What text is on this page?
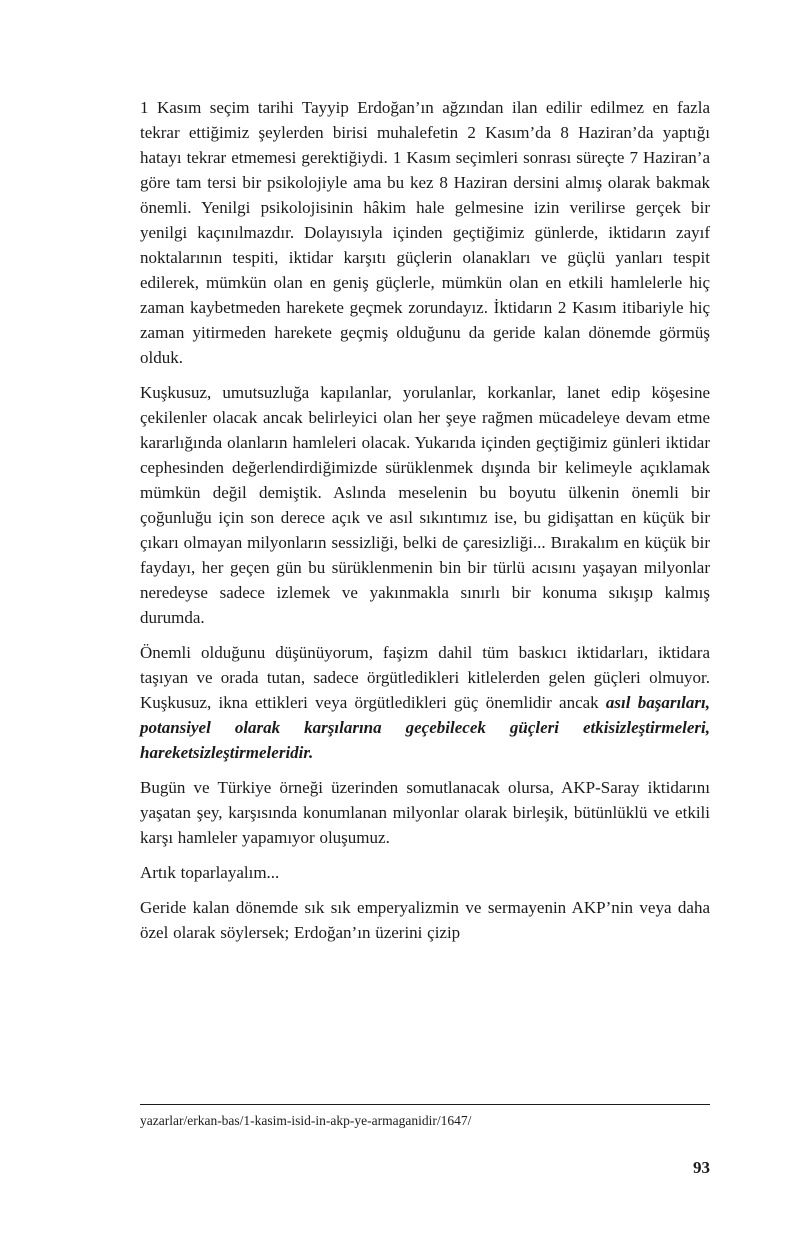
1 Kasım seçim tarihi Tayyip Erdoğan’ın ağzından ilan edilir edilmez en fazla tekrar ettiğimiz şeylerden birisi muhalefetin 2 Kasım’da 8 Haziran’da yaptığı hatayı tekrar etmemesi gerektiğiydi. 1 Kasım seçimleri sonrası süreçte 7 Haziran’a göre tam tersi bir psikolojiyle ama bu kez 8 Haziran dersini almış olarak bakmak önemli. Yenilgi psikolojisinin hâkim hale gelmesine izin verilirse gerçek bir yenilgi kaçınılmazdır. Dolayısıyla içinden geçtiğimiz günlerde, iktidarın zayıf noktalarının tespiti, iktidar karşıtı güçlerin olanakları ve güçlü yanları tespit edilerek, mümkün olan en geniş güçlerle, mümkün olan en etkili hamlelerle hiç zaman kaybetmeden harekete geçmek zorundayız. İktidarın 2 Kasım itibariyle hiç zaman yitirmeden harekete geçmiş olduğunu da geride kalan dönemde görmüş olduk.

Kuşkusuz, umutsuzluğa kapılanlar, yorulanlar, korkanlar, lanet edip köşesine çekilenler olacak ancak belirleyici olan her şeye rağmen mücadeleye devam etme kararlığında olanların hamleleri olacak. Yukarıda içinden geçtiğimiz günleri iktidar cephesinden değerlendirdiğimizde sürüklenmek dışında bir kelimeyle açıklamak mümkün değil demiştik. Aslında meselenin bu boyutu ülkenin önemli bir çoğunluğu için son derece açık ve asıl sıkıntımız ise, bu gidişattan en küçük bir çıkarı olmayan milyonların sessizliği, belki de çaresizliği... Bırakalım en küçük bir faydayı, her geçen gün bu sürüklenmenin bin bir türlü acısını yaşayan milyonlar neredeyse sadece izlemek ve yakınmakla sınırlı bir konuma sıkışıp kalmış durumda.

Önemli olduğunu düşünüyorum, faşizm dahil tüm baskıcı iktidarları, iktidara taşıyan ve orada tutan, sadece örgütledikleri kitlelerden gelen güçleri olmuyor. Kuşkusuz, ikna ettikleri veya örgütledikleri güç önemlidir ancak asıl başarıları, potansiyel olarak karşılarına geçebilecek güçleri etkisizleştirmeleri, hareketsizleştirmeleridir.

Bugün ve Türkiye örneği üzerinden somutlanacak olursa, AKP-Saray iktidarını yaşatan şey, karşısında konumlanan milyonlar olarak birleşik, bütünlüklü ve etkili karşı hamleler yapamıyor oluşumuz.

Artık toparlayalım...

Geride kalan dönemde sık sık emperyalizmin ve sermayenin AKP’nin veya daha özel olarak söylersek; Erdoğan’ın üzerini çizip

yazarlar/erkan-bas/1-kasim-isid-in-akp-ye-armaganidir/1647/
93
